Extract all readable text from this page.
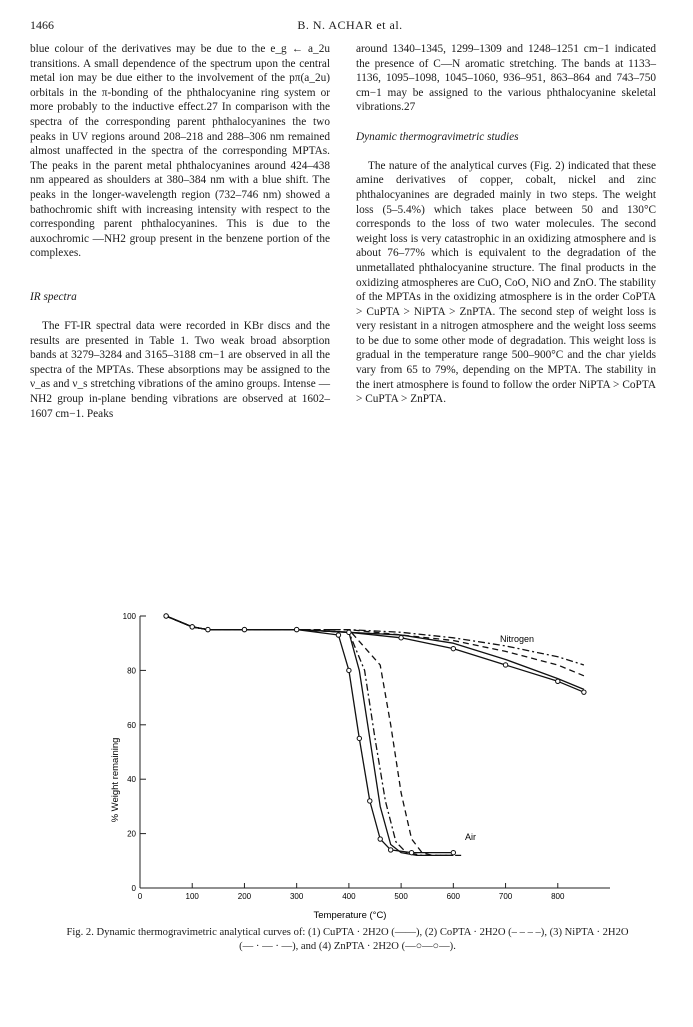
1466	B. N. ACHAR et al.

blue colour of the derivatives may be due to the e_g ← a_2u transitions. A small dependence of the spectrum upon the central metal ion may be due either to the involvement of the pπ(a_2u) orbitals in the π-bonding of the phthalocyanine ring system or more probably to the inductive effect.27 In comparison with the spectra of the corresponding parent phthalocyanines the two peaks in UV regions around 208–218 and 288–306 nm remained almost unaffected in the spectra of the corresponding MPTAs. The peaks in the parent metal phthalocyanines around 424–438 nm appeared as shoulders at 380–384 nm with a blue shift. The peaks in the longer-wavelength region (732–746 nm) showed a bathochromic shift with increasing intensity with respect to the corresponding parent phthalocyanines. This is due to the auxochromic —NH2 group present in the benzene portion of the complexes.

IR spectra

The FT-IR spectral data were recorded in KBr discs and the results are presented in Table 1. Two weak broad absorption bands at 3279–3284 and 3165–3188 cm−1 are observed in all the spectra of the MPTAs. These absorptions may be assigned to the ν_as and ν_s stretching vibrations of the amino groups. Intense —NH2 group in-plane bending vibrations are observed at 1602–1607 cm−1. Peaks

around 1340–1345, 1299–1309 and 1248–1251 cm−1 indicated the presence of C—N aromatic stretching. The bands at 1133–1136, 1095–1098, 1045–1060, 936–951, 863–864 and 743–750 cm−1 may be assigned to the various phthalocyanine skeletal vibrations.27

Dynamic thermogravimetric studies

The nature of the analytical curves (Fig. 2) indicated that these amine derivatives of copper, cobalt, nickel and zinc phthalocyanines are degraded mainly in two steps. The weight loss (5–5.4%) which takes place between 50 and 130°C corresponds to the loss of two water molecules. The second weight loss is very catastrophic in an oxidizing atmosphere and is about 76–77% which is equivalent to the degradation of the unmetallated phthalocyanine structure. The final products in the oxidizing atmospheres are CuO, CoO, NiO and ZnO. The stability of the MPTAs in the oxidizing atmosphere is in the order CoPTA > CuPTA > NiPTA > ZnPTA. The second step of weight loss is very resistant in a nitrogen atmosphere and the weight loss seems to be due to some other mode of degradation. This weight loss is gradual in the temperature range 500–900°C and the char yields vary from 65 to 79%, depending on the MPTA. The stability in the inert atmosphere is found to follow the order NiPTA > CoPTA > CuPTA > ZnPTA.

0
20
40
60
80
100
0	100	200	300	400	500	600	700	800
% Weight remaining
Temperature (°C)
Nitrogen
Air
Fig. 2. Dynamic thermogravimetric analytical curves of: (1) CuPTA · 2H2O (——), (2) CoPTA · 2H2O (– – – –), (3) NiPTA · 2H2O (— · — · —), and (4) ZnPTA · 2H2O (—○—○—).
